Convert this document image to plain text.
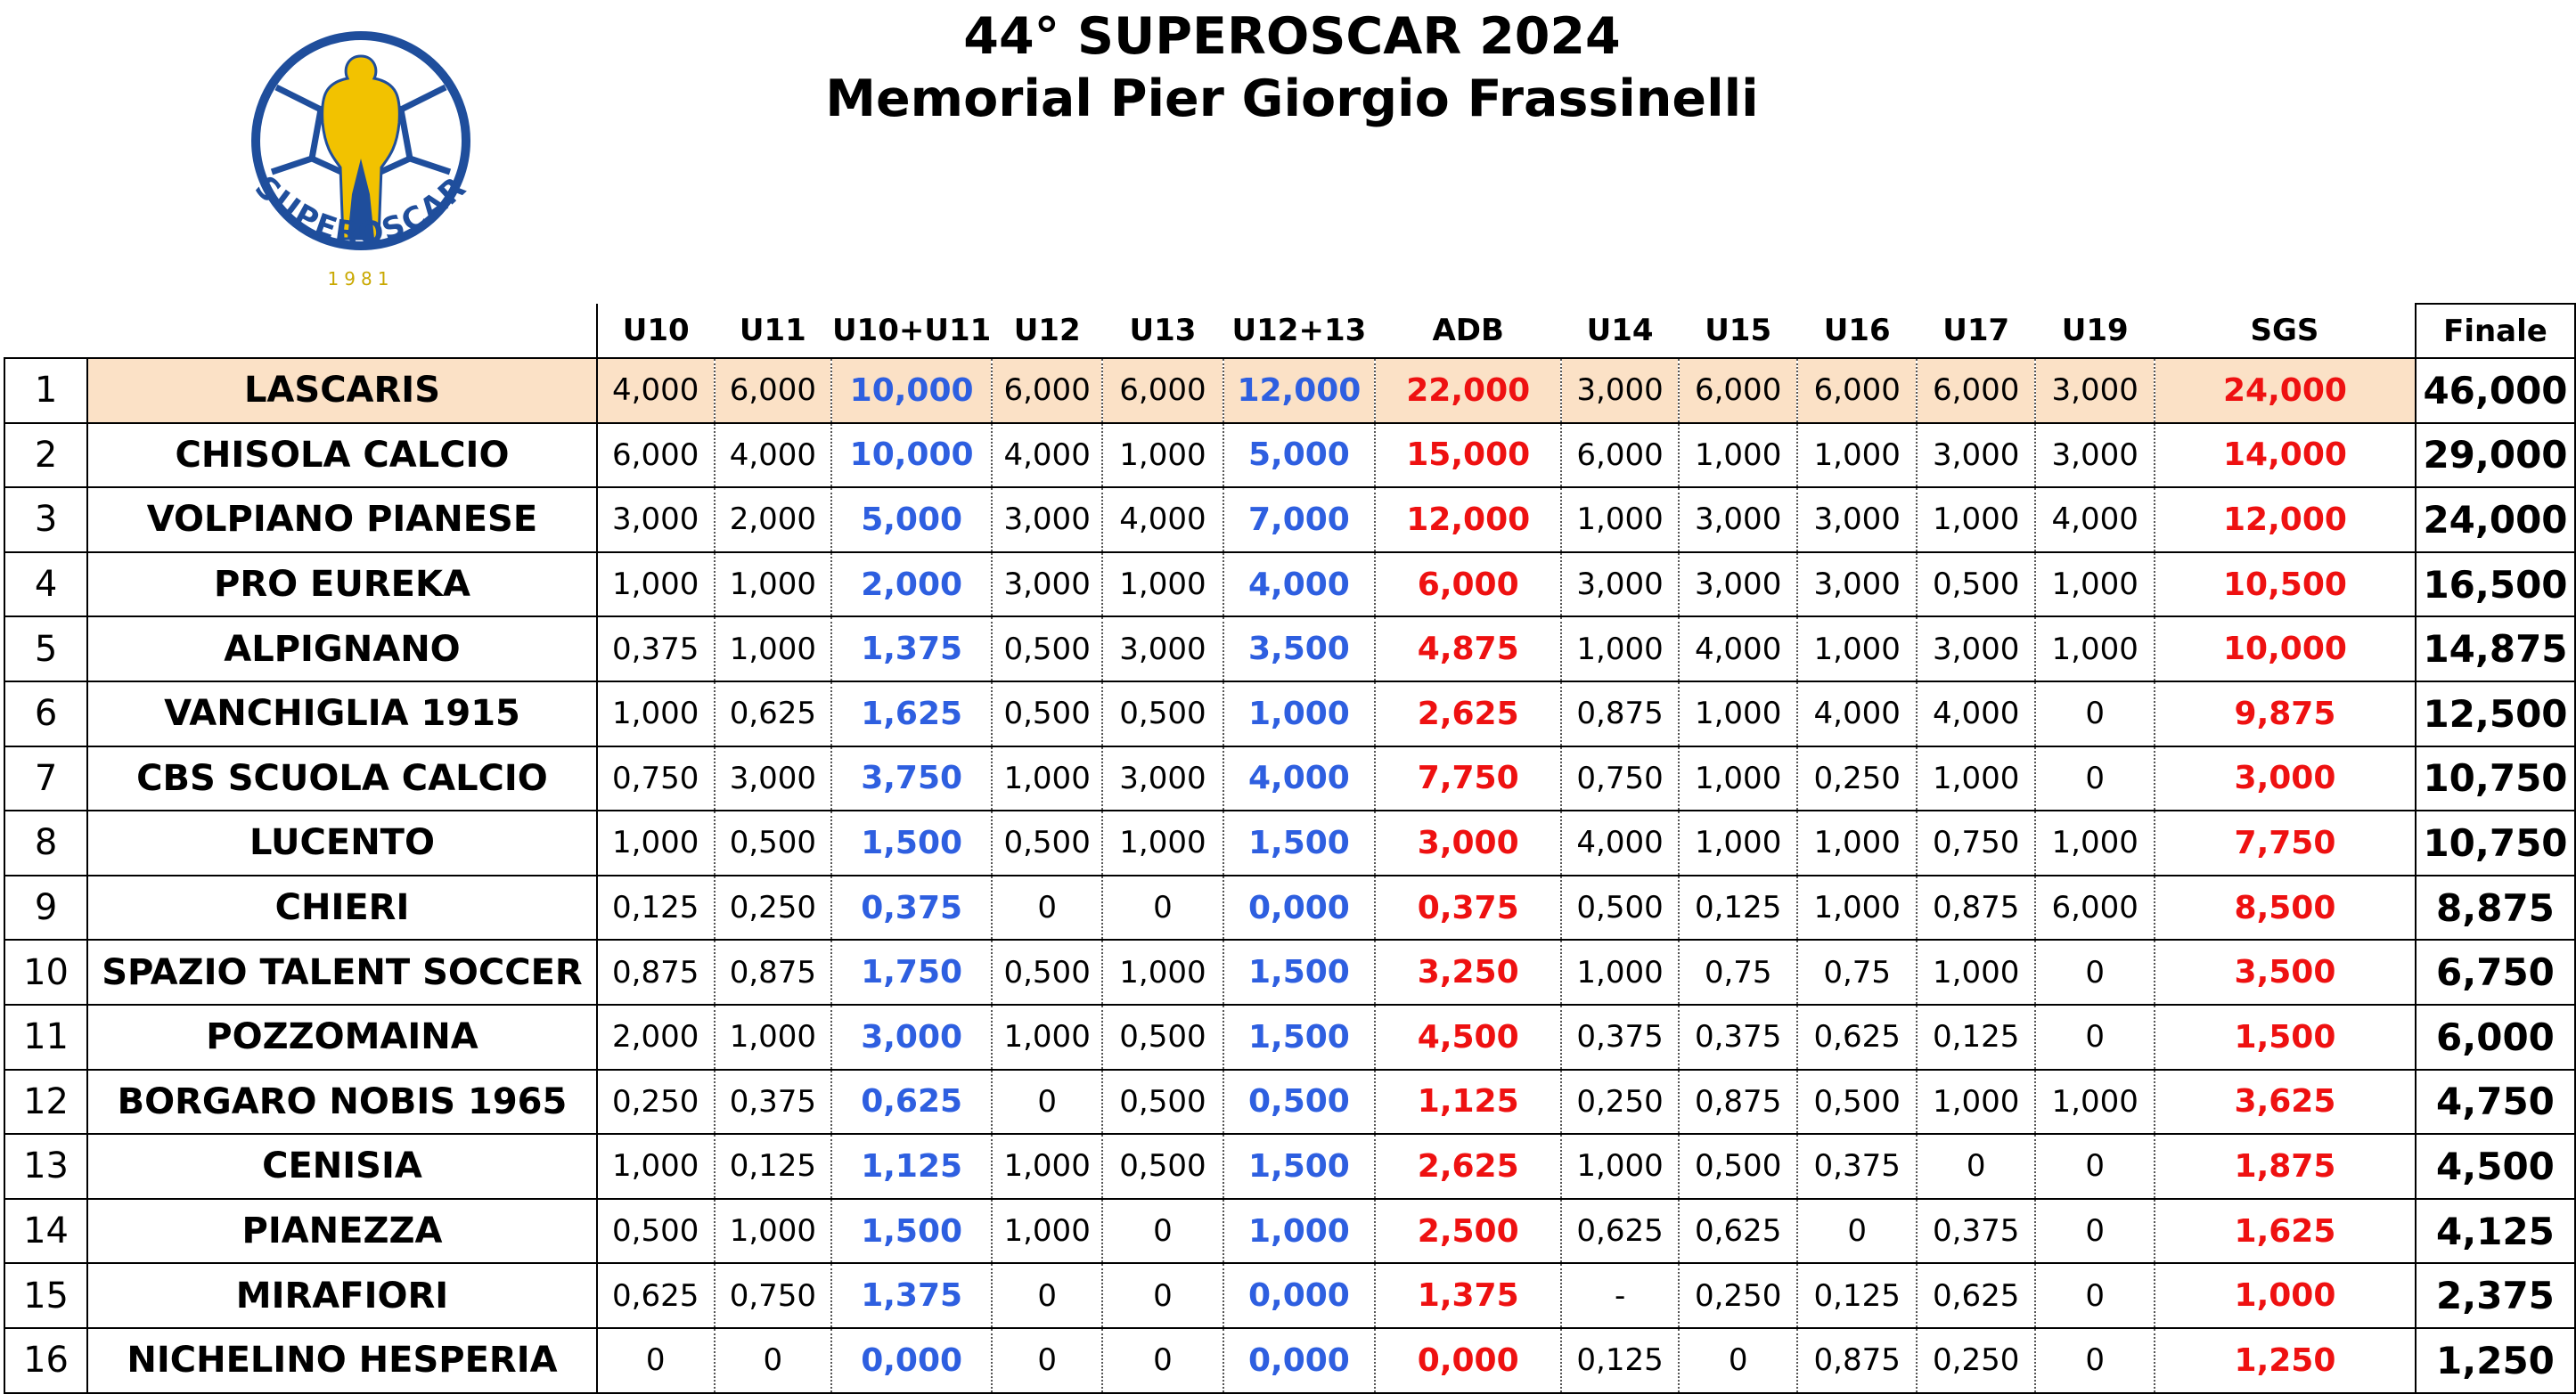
SUPEROSCAR
1981
44° SUPEROSCAR 2024
Memorial Pier Giorgio Frassinelli
		U10	U11	U10+U11	U12	U13	U12+13	ADB	U14	U15	U16	U17	U19	SGS	Finale
1	LASCARIS	4,000	6,000	10,000	6,000	6,000	12,000	22,000	3,000	6,000	6,000	6,000	3,000	24,000	46,000
2	CHISOLA CALCIO	6,000	4,000	10,000	4,000	1,000	5,000	15,000	6,000	1,000	1,000	3,000	3,000	14,000	29,000
3	VOLPIANO PIANESE	3,000	2,000	5,000	3,000	4,000	7,000	12,000	1,000	3,000	3,000	1,000	4,000	12,000	24,000
4	PRO EUREKA	1,000	1,000	2,000	3,000	1,000	4,000	6,000	3,000	3,000	3,000	0,500	1,000	10,500	16,500
5	ALPIGNANO	0,375	1,000	1,375	0,500	3,000	3,500	4,875	1,000	4,000	1,000	3,000	1,000	10,000	14,875
6	VANCHIGLIA 1915	1,000	0,625	1,625	0,500	0,500	1,000	2,625	0,875	1,000	4,000	4,000	0	9,875	12,500
7	CBS SCUOLA CALCIO	0,750	3,000	3,750	1,000	3,000	4,000	7,750	0,750	1,000	0,250	1,000	0	3,000	10,750
8	LUCENTO	1,000	0,500	1,500	0,500	1,000	1,500	3,000	4,000	1,000	1,000	0,750	1,000	7,750	10,750
9	CHIERI	0,125	0,250	0,375	0	0	0,000	0,375	0,500	0,125	1,000	0,875	6,000	8,500	8,875
10	SPAZIO TALENT SOCCER	0,875	0,875	1,750	0,500	1,000	1,500	3,250	1,000	0,75	0,75	1,000	0	3,500	6,750
11	POZZOMAINA	2,000	1,000	3,000	1,000	0,500	1,500	4,500	0,375	0,375	0,625	0,125	0	1,500	6,000
12	BORGARO NOBIS 1965	0,250	0,375	0,625	0	0,500	0,500	1,125	0,250	0,875	0,500	1,000	1,000	3,625	4,750
13	CENISIA	1,000	0,125	1,125	1,000	0,500	1,500	2,625	1,000	0,500	0,375	0	0	1,875	4,500
14	PIANEZZA	0,500	1,000	1,500	1,000	0	1,000	2,500	0,625	0,625	0	0,375	0	1,625	4,125
15	MIRAFIORI	0,625	0,750	1,375	0	0	0,000	1,375	-	0,250	0,125	0,625	0	1,000	2,375
16	NICHELINO HESPERIA	0	0	0,000	0	0	0,000	0,000	0,125	0	0,875	0,250	0	1,250	1,250
